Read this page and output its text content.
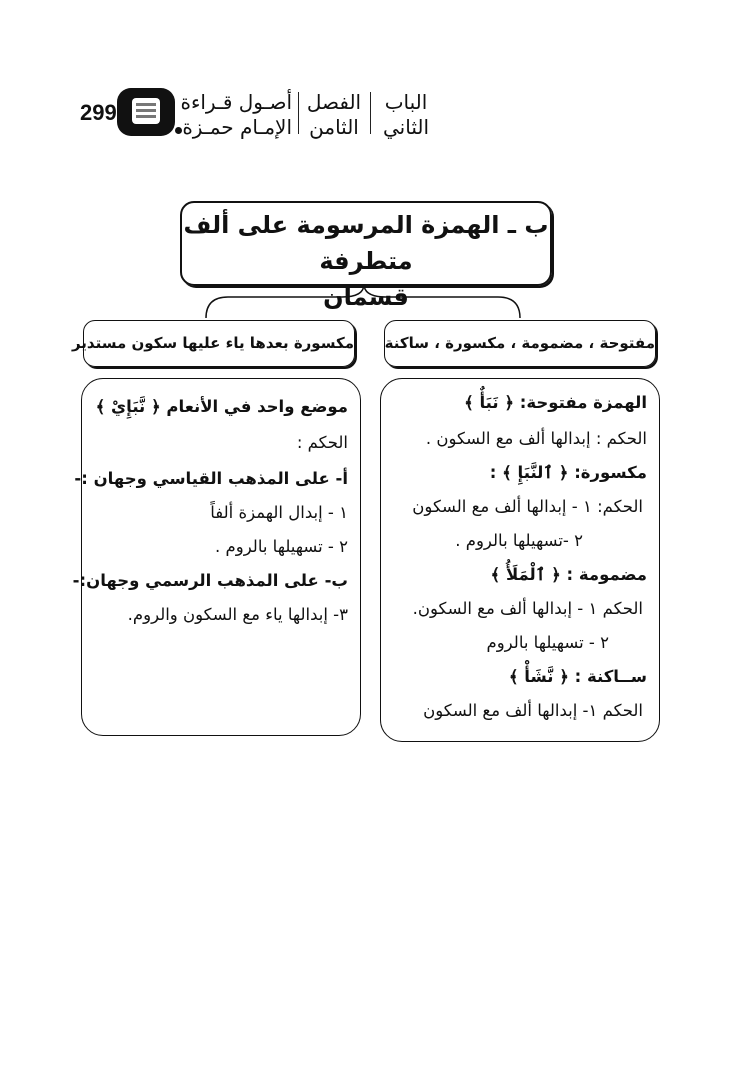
299	أصـول قـراءة
الإمـام حمـزة
الفصل
الثامن
الباب
الثاني
ب ـ الهمزة المرسومة على ألف متطرفة
قسمان
مفتوحة ، مضمومة ، مكسورة ، ساكنة
مكسورة بعدها ياء عليها سكون مستدير
الهمزة مفتوحة: ﴿ نَبَأٌ ﴾
الحكم : إبدالها ألف مع السكون .
مكسورة: ﴿ ٱلنَّبَإِ ﴾ :
الحكم: ١ - إبدالها ألف مع السكون
٢ -تسهيلها بالروم .
مضمومة : ﴿ ٱلْمَلَأُ ﴾
الحكم ١ - إبدالها ألف مع السكون.
٢ - تسهيلها بالروم
ســاكنة : ﴿ نَّشَأْ ﴾
الحكم ١- إبدالها ألف مع السكون
موضع واحد في الأنعام ﴿ نَّبَإِيْ ﴾
الحكم :
أ- على المذهب القياسي وجهان :-
١ - إبدال الهمزة ألفاً
٢ - تسهيلها بالروم .
ب- على المذهب الرسمي وجهان:-
٣- إبدالها ياء مع السكون والروم.
